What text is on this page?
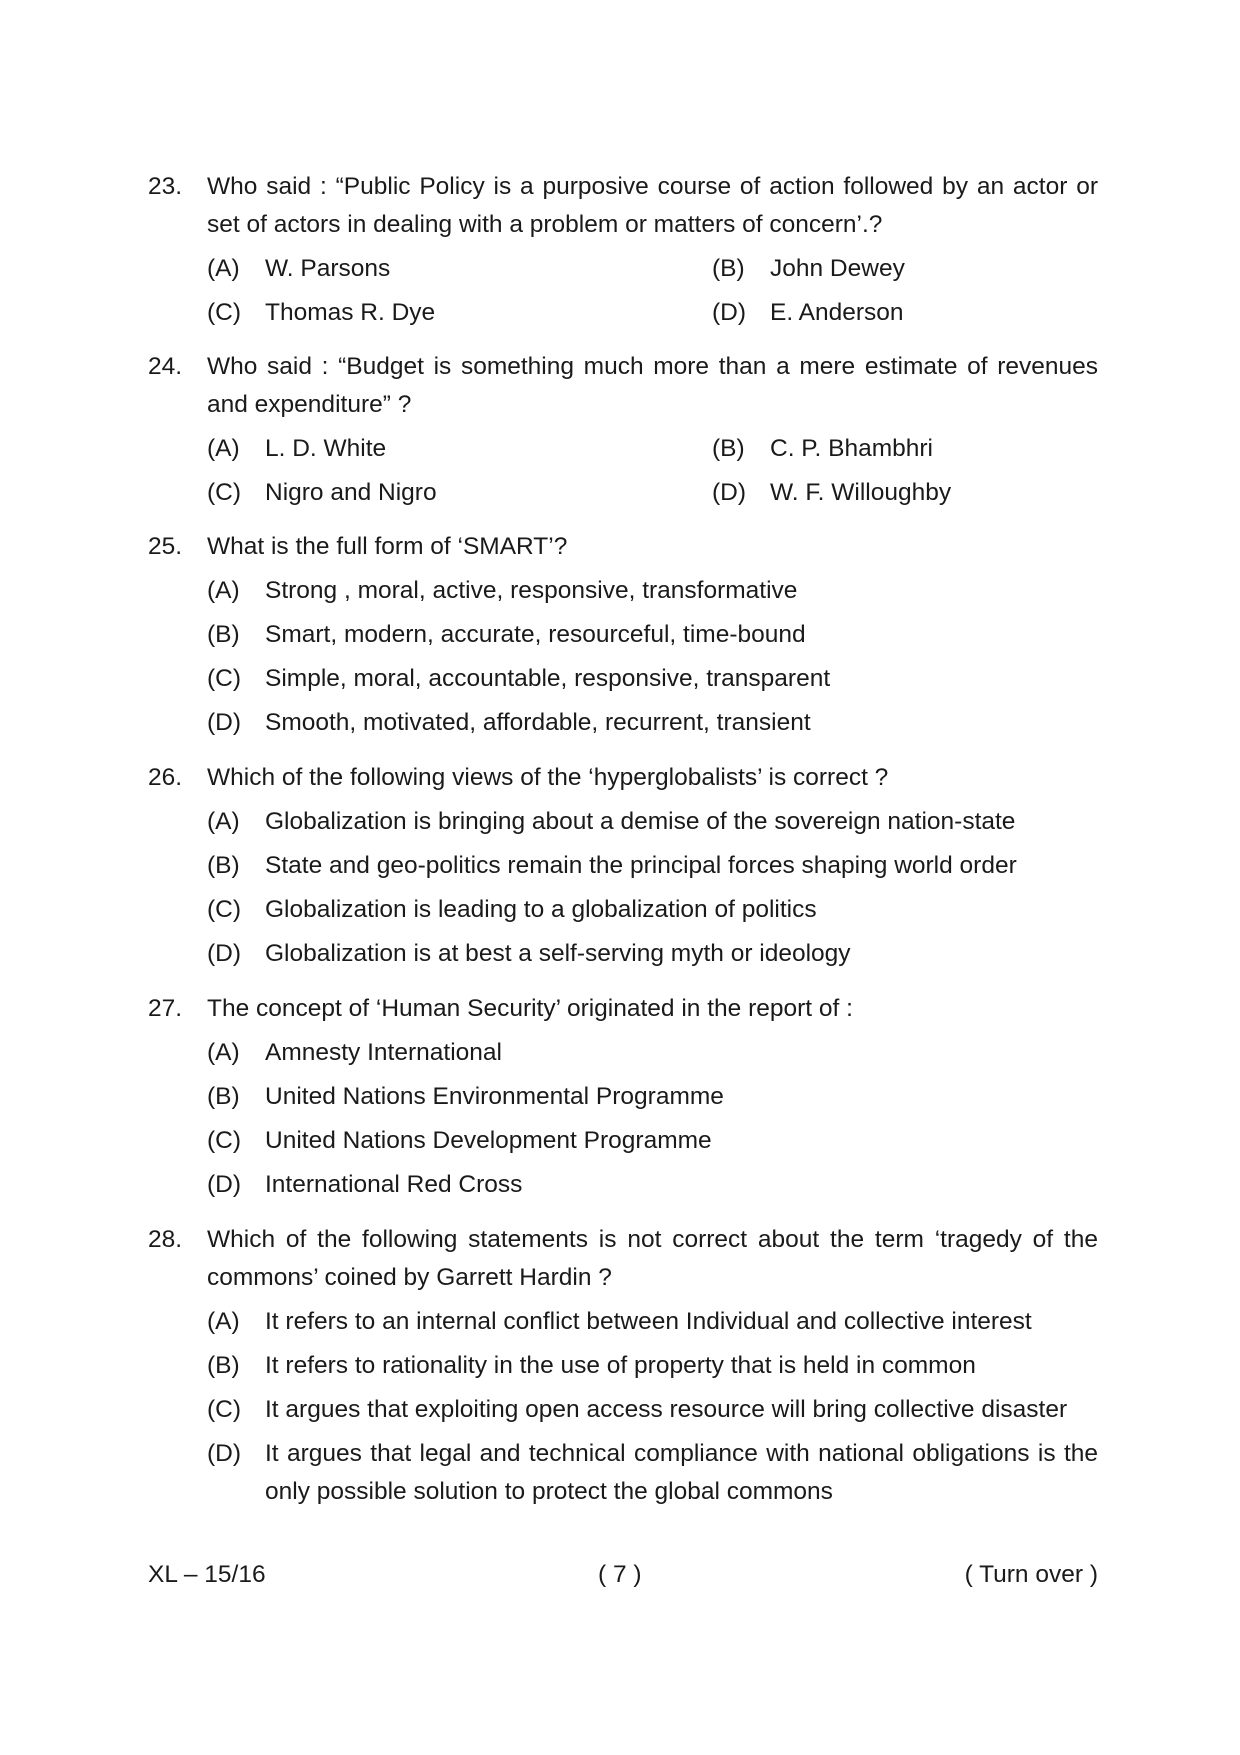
23.	Who said : “Public Policy is a purposive course of action followed by an actor or set of actors in dealing with a problem or matters of concern’.?
(A)	W. Parsons	(B)	John Dewey
(C) Thomas R. Dye	(D) E. Anderson
24.	Who said : “Budget is something much more than a mere estimate of revenues and expenditure” ?
(A)	L. D. White	(B)	C. P. Bhambhri
(C) Nigro and Nigro	(D) W. F. Willoughby
25.	What is the full form of ‘SMART’?
(A)	Strong , moral, active, responsive, transformative
(B)	Smart, modern, accurate, resourceful, time-bound
(C) Simple, moral, accountable, responsive, transparent
(D) Smooth, motivated, affordable, recurrent, transient
26.	Which of the following views of the ‘hyperglobalists’ is correct ?
(A)	Globalization is bringing about a demise of the sovereign nation-state
(B)	State and geo-politics remain the principal forces shaping world order
(C) Globalization is leading to a globalization of politics
(D) Globalization is at best a self-serving myth or ideology
27.	The concept of ‘Human Security’ originated in the report of :
(A)	Amnesty International
(B)	United Nations Environmental Programme
(C) United Nations Development Programme
(D) International Red Cross
28.	Which of the following statements is not correct about the term ‘tragedy of the commons’ coined by Garrett Hardin ?
(A)	It refers to an internal conflict between Individual and collective interest
(B)	It refers to rationality in the use of property that is held in common
(C) It argues that exploiting open access resource will bring collective disaster
(D) It argues that legal and technical compliance with national obligations is the only possible solution to protect the global commons
XL – 15/16	( 7 )	( Turn over )
